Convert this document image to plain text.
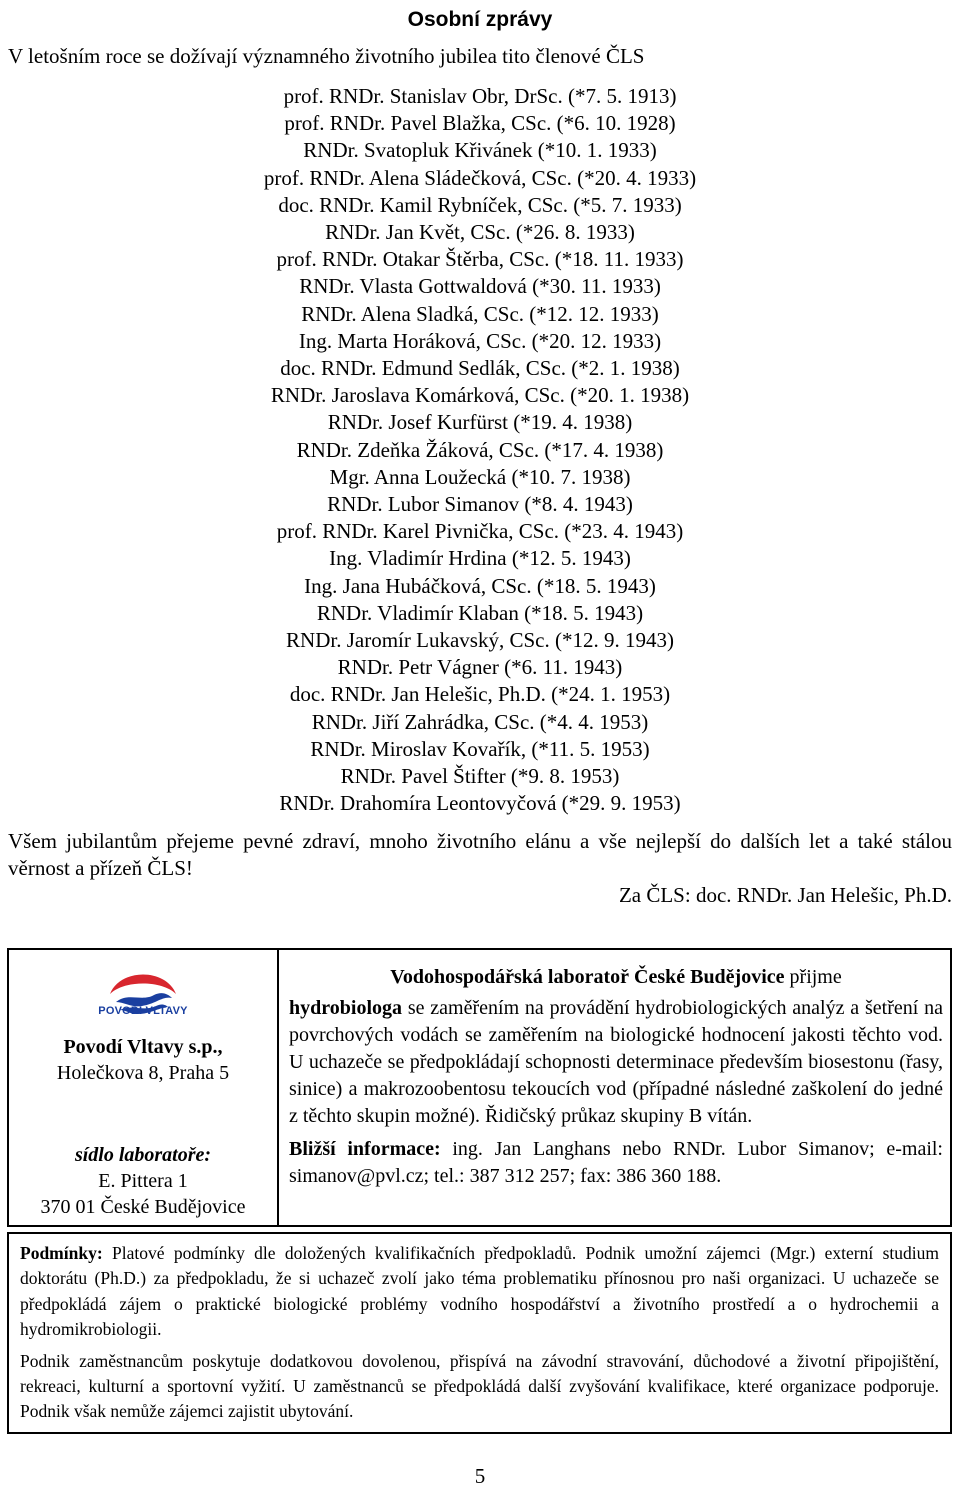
Osobní zprávy
V letošním roce se dožívají významného životního jubilea tito členové ČLS
prof. RNDr. Stanislav Obr, DrSc. (*7. 5. 1913)
prof. RNDr. Pavel Blažka, CSc. (*6. 10. 1928)
RNDr. Svatopluk Křivánek (*10. 1. 1933)
prof. RNDr. Alena Sládečková, CSc. (*20. 4. 1933)
doc. RNDr. Kamil Rybníček, CSc. (*5. 7. 1933)
RNDr. Jan Květ, CSc. (*26. 8. 1933)
prof. RNDr. Otakar Štěrba, CSc. (*18. 11. 1933)
RNDr. Vlasta Gottwaldová (*30. 11. 1933)
RNDr. Alena Sladká, CSc. (*12. 12. 1933)
Ing. Marta Horáková, CSc. (*20. 12. 1933)
doc. RNDr. Edmund Sedlák, CSc. (*2. 1. 1938)
RNDr. Jaroslava Komárková, CSc. (*20. 1. 1938)
RNDr. Josef Kurfürst (*19. 4. 1938)
RNDr. Zdeňka Žáková, CSc. (*17. 4. 1938)
Mgr. Anna Loužecká (*10. 7. 1938)
RNDr. Lubor Simanov (*8. 4. 1943)
prof. RNDr. Karel Pivnička, CSc. (*23. 4. 1943)
Ing. Vladimír Hrdina (*12. 5. 1943)
Ing. Jana Hubáčková, CSc. (*18. 5. 1943)
RNDr. Vladimír Klaban (*18. 5. 1943)
RNDr. Jaromír Lukavský, CSc. (*12. 9. 1943)
RNDr. Petr Vágner (*6. 11. 1943)
doc. RNDr. Jan Helešic, Ph.D. (*24. 1. 1953)
RNDr. Jiří Zahrádka, CSc. (*4. 4. 1953)
RNDr. Miroslav Kovařík, (*11. 5. 1953)
RNDr. Pavel Štifter (*9. 8. 1953)
RNDr. Drahomíra Leontovyčová (*29. 9. 1953)
Všem jubilantům přejeme pevné zdraví, mnoho životního elánu a vše nejlepší do dalších let a také stálou věrnost a přízeň ČLS!
Za ČLS: doc. RNDr. Jan Helešic, Ph.D.
POVODÍ VLTAVY
Povodí Vltavy s.p.,
Holečkova 8, Praha 5
sídlo laboratoře:
E. Pittera 1
370 01 České Budějovice

Vodohospodářská laboratoř České Budějovice přijme

hydrobiologa se zaměřením na provádění hydrobiologických analýz a šetření na povrchových vodách se zaměřením na biologické hodnocení jakosti těchto vod. U uchazeče se předpokládají schopnosti determinace především biosestonu (řasy, sinice) a makrozoobentosu tekoucích vod (případné následné zaškolení do jedné z těchto skupin možné). Řidičský průkaz skupiny B vítán.

Bližší informace: ing. Jan Langhans nebo RNDr. Lubor Simanov; e-mail: simanov@pvl.cz; tel.: 387 312 257; fax: 386 360 188.

Podmínky: Platové podmínky dle doložených kvalifikačních předpokladů. Podnik umožní zájemci (Mgr.) externí studium doktorátu (Ph.D.) za předpokladu, že si uchazeč zvolí jako téma problematiku přínosnou pro naši organizaci. U uchazeče se předpokládá zájem o praktické biologické problémy vodního hospodářství a životního prostředí a o hydrochemii a hydromikrobiologii.

Podnik zaměstnancům poskytuje dodatkovou dovolenou, přispívá na závodní stravování, důchodové a životní připojištění, rekreaci, kulturní a sportovní vyžití. U zaměstnanců se předpokládá další zvyšování kvalifikace, které organizace podporuje. Podnik však nemůže zájemci zajistit ubytování.

5
